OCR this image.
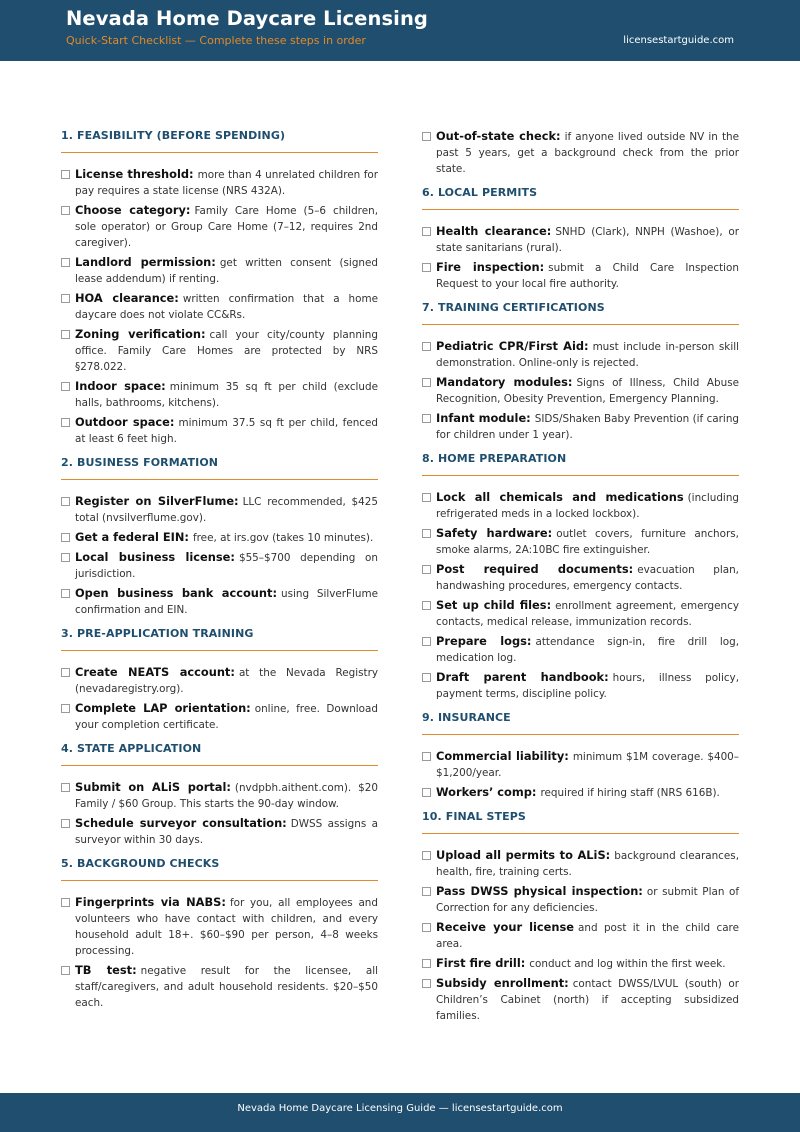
Nevada Home Daycare Licensing
Quick-Start Checklist — Complete these steps in order	licensestartguide.com
1. FEASIBILITY (BEFORE SPENDING)
License threshold: more than 4 unrelated children for pay requires a state license (NRS 432A).
Choose category: Family Care Home (5–6 children, sole operator) or Group Care Home (7–12, requires 2nd caregiver).
Landlord permission: get written consent (signed lease addendum) if renting.
HOA clearance: written confirmation that a home daycare does not violate CC&Rs.
Zoning verification: call your city/county planning office. Family Care Homes are protected by NRS §278.022.
Indoor space: minimum 35 sq ft per child (exclude halls, bathrooms, kitchens).
Outdoor space: minimum 37.5 sq ft per child, fenced at least 6 feet high.
2. BUSINESS FORMATION
Register on SilverFlume: LLC recommended, $425 total (nvsilverflume.gov).
Get a federal EIN: free, at irs.gov (takes 10 minutes).
Local business license: $55–$700 depending on jurisdiction.
Open business bank account: using SilverFlume confirmation and EIN.
3. PRE-APPLICATION TRAINING
Create NEATS account: at the Nevada Registry (nevadaregistry.org).
Complete LAP orientation: online, free. Download your completion certificate.
4. STATE APPLICATION
Submit on ALiS portal: (nvdpbh.aithent.com). $20 Family / $60 Group. This starts the 90-day window.
Schedule surveyor consultation: DWSS assigns a surveyor within 30 days.
5. BACKGROUND CHECKS
Fingerprints via NABS: for you, all employees and volunteers who have contact with children, and every household adult 18+. $60–$90 per person, 4–8 weeks processing.
TB test: negative result for the licensee, all staff/caregivers, and adult household residents. $20–$50 each.
Out-of-state check: if anyone lived outside NV in the past 5 years, get a background check from the prior state.
6. LOCAL PERMITS
Health clearance: SNHD (Clark), NNPH (Washoe), or state sanitarians (rural).
Fire inspection: submit a Child Care Inspection Request to your local fire authority.
7. TRAINING CERTIFICATIONS
Pediatric CPR/First Aid: must include in-person skill demonstration. Online-only is rejected.
Mandatory modules: Signs of Illness, Child Abuse Recognition, Obesity Prevention, Emergency Planning.
Infant module: SIDS/Shaken Baby Prevention (if caring for children under 1 year).
8. HOME PREPARATION
Lock all chemicals and medications (including refrigerated meds in a locked lockbox).
Safety hardware: outlet covers, furniture anchors, smoke alarms, 2A:10BC fire extinguisher.
Post required documents: evacuation plan, handwashing procedures, emergency contacts.
Set up child files: enrollment agreement, emergency contacts, medical release, immunization records.
Prepare logs: attendance sign-in, fire drill log, medication log.
Draft parent handbook: hours, illness policy, payment terms, discipline policy.
9. INSURANCE
Commercial liability: minimum $1M coverage. $400–$1,200/year.
Workers’ comp: required if hiring staff (NRS 616B).
10. FINAL STEPS
Upload all permits to ALiS: background clearances, health, fire, training certs.
Pass DWSS physical inspection: or submit Plan of Correction for any deficiencies.
Receive your license and post it in the child care area.
First fire drill: conduct and log within the first week.
Subsidy enrollment: contact DWSS/LVUL (south) or Children’s Cabinet (north) if accepting subsidized families.
Nevada Home Daycare Licensing Guide — licensestartguide.com
